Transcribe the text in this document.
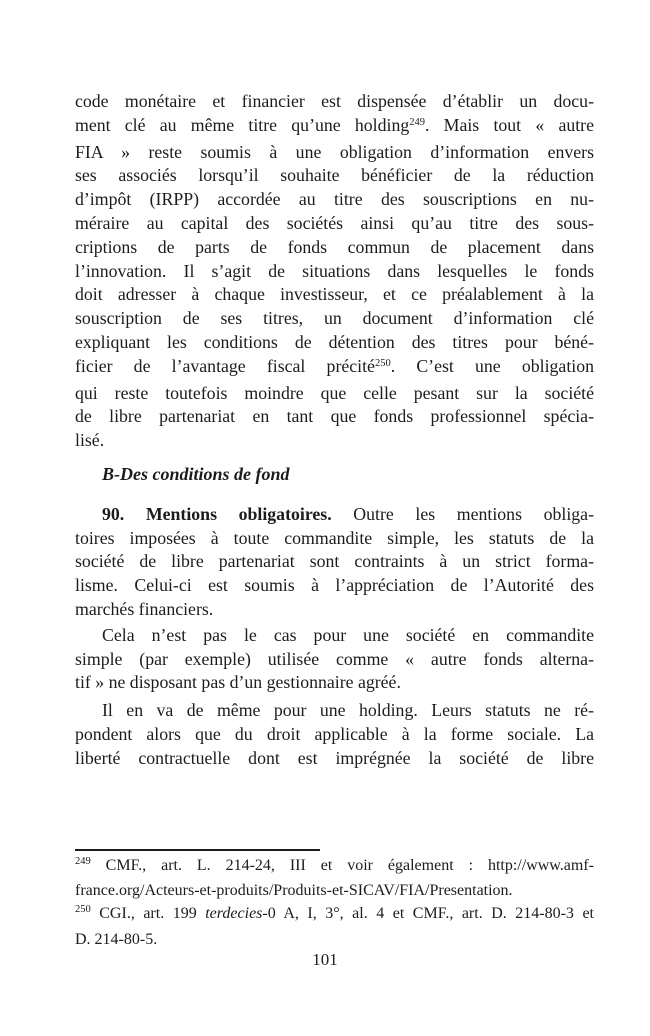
code monétaire et financier est dispensée d’établir un docu-
ment clé au même titre qu’une holding$^{249}$. Mais tout « autre
FIA » reste soumis à une obligation d’information envers
ses associés lorsqu’il souhaite bénéficier de la réduction
d’impôt (IRPP) accordée au titre des souscriptions en nu-
méraire au capital des sociétés ainsi qu’au titre des sous-
criptions de parts de fonds commun de placement dans
l’innovation. Il s’agit de situations dans lesquelles le fonds
doit adresser à chaque investisseur, et ce préalablement à la
souscription de ses titres, un document d’information clé
expliquant les conditions de détention des titres pour béné-
ficier de l’avantage fiscal précité$^{250}$. C’est une obligation
qui reste toutefois moindre que celle pesant sur la société
de libre partenariat en tant que fonds professionnel spécia-
lisé.
B-Des conditions de fond
90. Mentions obligatoires. Outre les mentions obliga-
toires imposées à toute commandite simple, les statuts de la
société de libre partenariat sont contraints à un strict forma-
lisme. Celui-ci est soumis à l’appréciation de l’Autorité des
marchés financiers.
Cela n’est pas le cas pour une société en commandite
simple (par exemple) utilisée comme « autre fonds alterna-
tif » ne disposant pas d’un gestionnaire agréé.
Il en va de même pour une holding. Leurs statuts ne ré-
pondent alors que du droit applicable à la forme sociale. La
liberté contractuelle dont est imprégnée la société de libre
$^{249}$ CMF., art. L. 214-24, III et voir également : http://www.amf-
france.org/Acteurs-et-produits/Produits-et-SICAV/FIA/Presentation.
$^{250}$ CGI., art. 199 terdecies-0 A, I, 3°, al. 4 et CMF., art. D. 214-80-3 et
D. 214-80-5.
101
